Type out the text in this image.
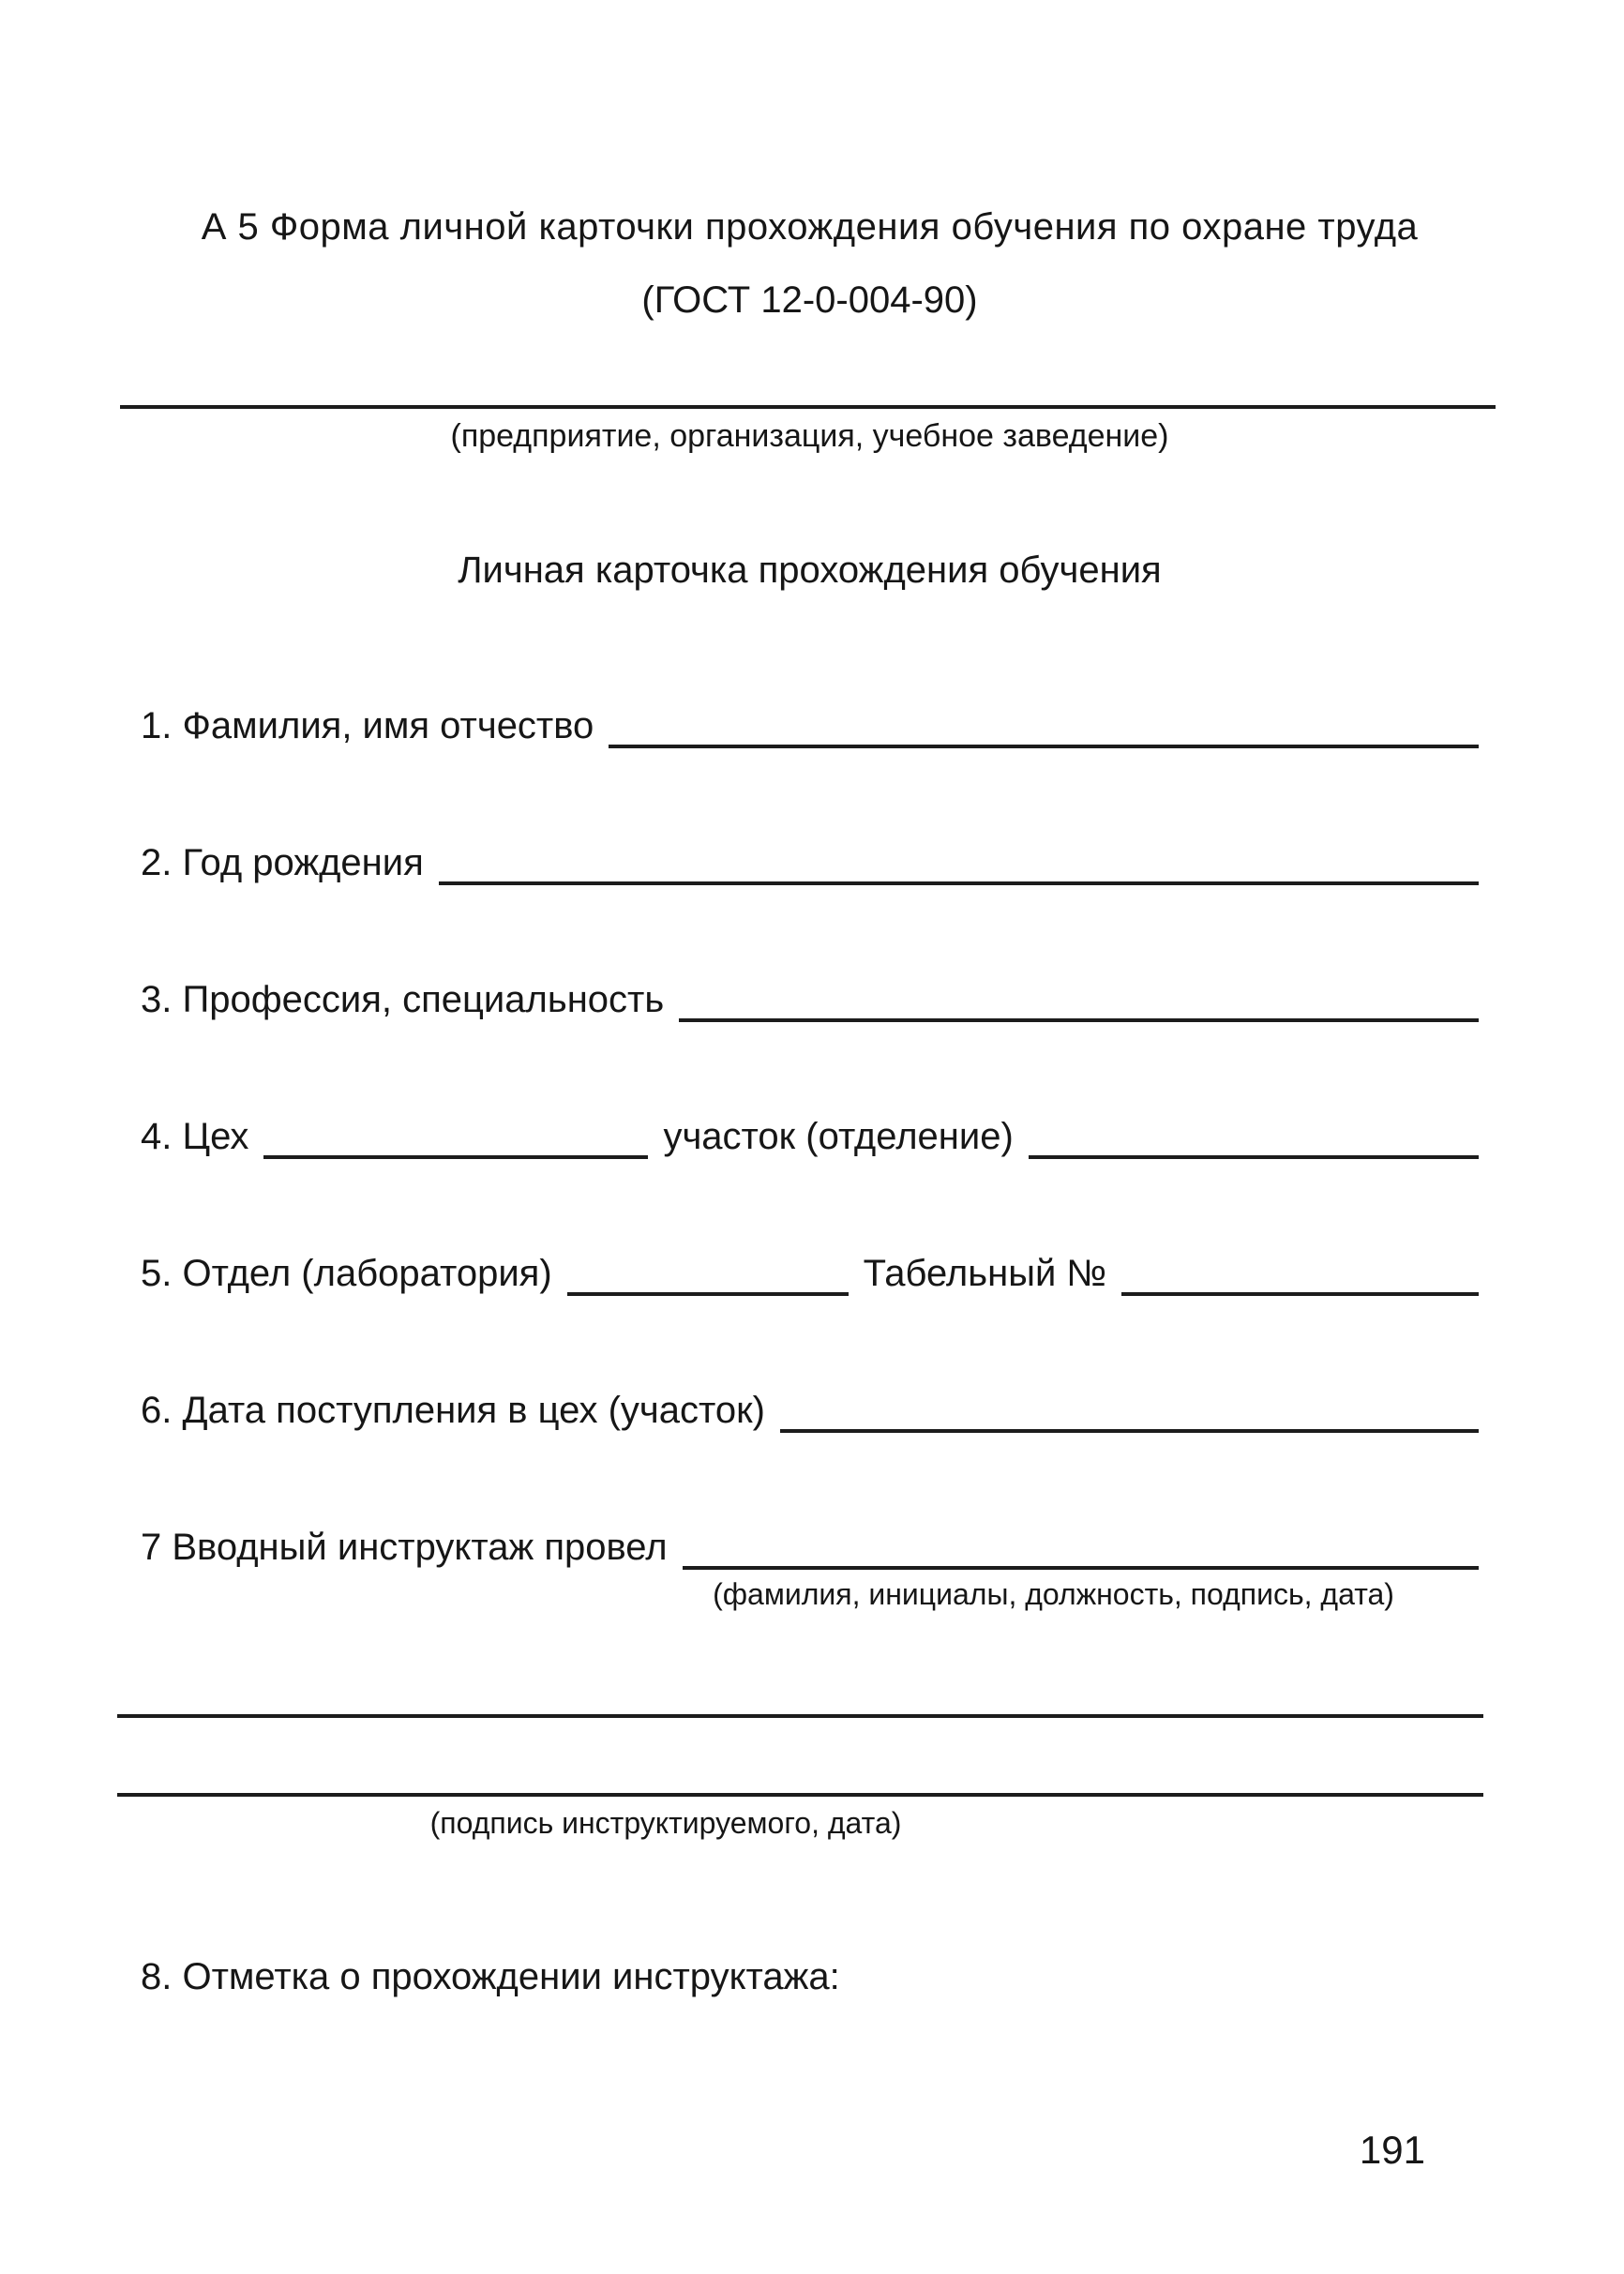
А 5 Форма личной карточки прохождения обучения по охране труда
(ГОСТ 12-0-004-90)
(предприятие, организация, учебное заведение)
Личная карточка прохождения обучения
1. Фамилия, имя отчество
2. Год рождения
3. Профессия, специальность
4. Цех	участок (отделение)
5. Отдел (лаборатория)	Табельный №
6. Дата поступления в цех (участок)
7 Вводный инструктаж провел
(фамилия, инициалы, должность, подпись, дата)
(подпись инструктируемого, дата)
8. Отметка о прохождении инструктажа:
191
